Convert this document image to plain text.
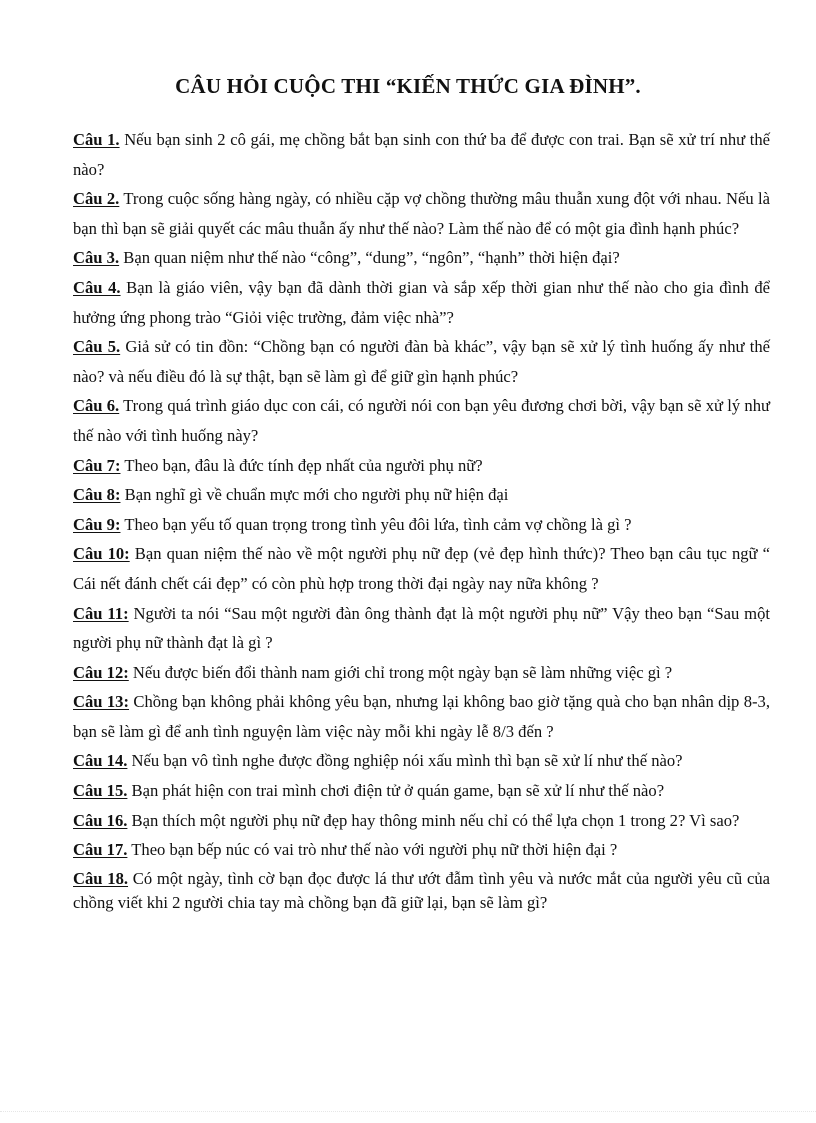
CÂU HỎI CUỘC THI “KIẾN THỨC GIA ĐÌNH”.

Câu 1. Nếu bạn sinh 2 cô gái, mẹ chồng bắt bạn sinh con thứ ba để được con trai. Bạn sẽ xử trí như thế nào?

Câu 2. Trong cuộc sống hàng ngày, có nhiều cặp vợ chồng thường mâu thuẫn xung đột với nhau. Nếu là bạn thì bạn sẽ giải quyết các mâu thuẫn ấy như thế nào? Làm thế nào để có một gia đình hạnh phúc?

Câu 3. Bạn quan niệm như thế nào “công”, “dung”, “ngôn”, “hạnh” thời hiện đại?

Câu 4. Bạn là giáo viên, vậy bạn đã dành thời gian và sắp xếp thời gian như thế nào cho gia đình để hưởng ứng phong trào “Giỏi việc trường, đảm việc nhà”?

Câu 5. Giả sử có tin đồn: “Chồng bạn có người đàn bà khác”, vậy bạn sẽ xử lý tình huống ấy như thế nào? và nếu điều đó là sự thật, bạn sẽ làm gì để giữ gìn hạnh phúc?

Câu 6. Trong quá trình giáo dục con cái, có người nói con bạn yêu đương chơi bời, vậy bạn sẽ xử lý như thế nào với tình huống này?

Câu 7: Theo bạn, đâu là đức tính đẹp nhất của người phụ nữ?

Câu 8: Bạn nghĩ gì về chuẩn mực mới cho người phụ nữ hiện đại

Câu 9: Theo bạn yếu tố quan trọng trong tình yêu đôi lứa, tình cảm vợ chồng là gì ?

Câu 10: Bạn quan niệm thế nào về một người phụ nữ đẹp (vẻ đẹp hình thức)? Theo bạn câu tục ngữ “ Cái nết đánh chết cái đẹp” có còn phù hợp trong thời đại ngày nay nữa không ?

Câu 11: Người ta nói “Sau một người đàn ông thành đạt là một người phụ nữ” Vậy theo bạn “Sau một người phụ nữ thành đạt là gì ?

Câu 12: Nếu được biến đổi thành nam giới chỉ trong một ngày bạn sẽ làm những việc gì ?

Câu 13: Chồng bạn không phải không yêu bạn, nhưng lại không bao giờ tặng quà cho bạn nhân dịp 8-3, bạn sẽ làm gì để anh tình nguyện làm việc này mỗi khi ngày lễ 8/3 đến ?

Câu 14. Nếu bạn vô tình nghe được đồng nghiệp nói xấu mình thì bạn sẽ xử lí như thế nào?

Câu 15. Bạn phát hiện con trai mình chơi điện tử ở quán game, bạn sẽ xử lí như thế nào?

Câu 16. Bạn thích một người phụ nữ đẹp hay thông minh nếu chỉ có thể lựa chọn 1 trong 2? Vì sao?

Câu 17. Theo bạn bếp núc có vai trò như thế nào với người phụ nữ thời hiện đại ?

Câu 18. Có một ngày, tình cờ bạn đọc được lá thư ướt đẫm tình yêu và nước mắt của người yêu cũ của chồng viết khi 2 người chia tay mà chồng bạn đã giữ lại, bạn sẽ làm gì?
